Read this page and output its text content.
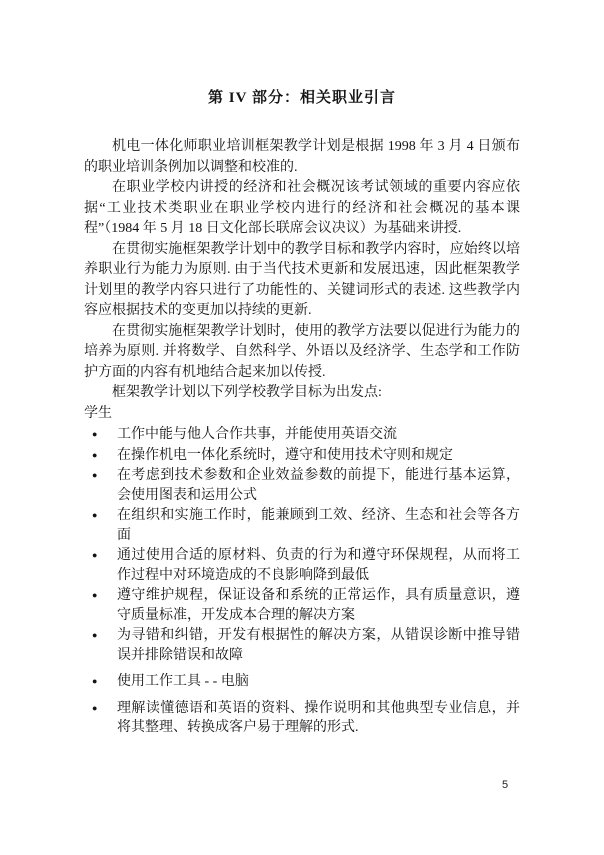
第 IV 部分：相关职业引言

机电一体化师职业培训框架教学计划是根据 1998 年 3 月 4 日颁布的职业培训条例加以调整和校准的.

在职业学校内讲授的经济和社会概况该考试领域的重要内容应依据“工业技术类职业在职业学校内进行的经济和社会概况的基本课程”（1984 年 5 月 18 日文化部长联席会议决议）为基础来讲授.

在贯彻实施框架教学计划中的教学目标和教学内容时，应始终以培养职业行为能力为原则. 由于当代技术更新和发展迅速，因此框架教学计划里的教学内容只进行了功能性的、关键词形式的表述. 这些教学内容应根据技术的变更加以持续的更新.

在贯彻实施框架教学计划时，使用的教学方法要以促进行为能力的培养为原则. 并将数学、自然科学、外语以及经济学、生态学和工作防护方面的内容有机地结合起来加以传授.

框架教学计划以下列学校教学目标为出发点:

学生

●	工作中能与他人合作共事，并能使用英语交流
●	在操作机电一体化系统时，遵守和使用技术守则和规定
●	在考虑到技术参数和企业效益参数的前提下，能进行基本运算，会使用图表和运用公式
●	在组织和实施工作时，能兼顾到工效、经济、生态和社会等各方面
●	通过使用合适的原材料、负责的行为和遵守环保规程，从而将工作过程中对环境造成的不良影响降到最低
●	遵守维护规程，保证设备和系统的正常运作，具有质量意识，遵守质量标准，开发成本合理的解决方案
●	为寻错和纠错，开发有根据性的解决方案，从错误诊断中推导错误并排除错误和故障
●	使用工作工具 - - 电脑
●	理解读懂德语和英语的资料、操作说明和其他典型专业信息，并将其整理、转换成客户易于理解的形式.
5
